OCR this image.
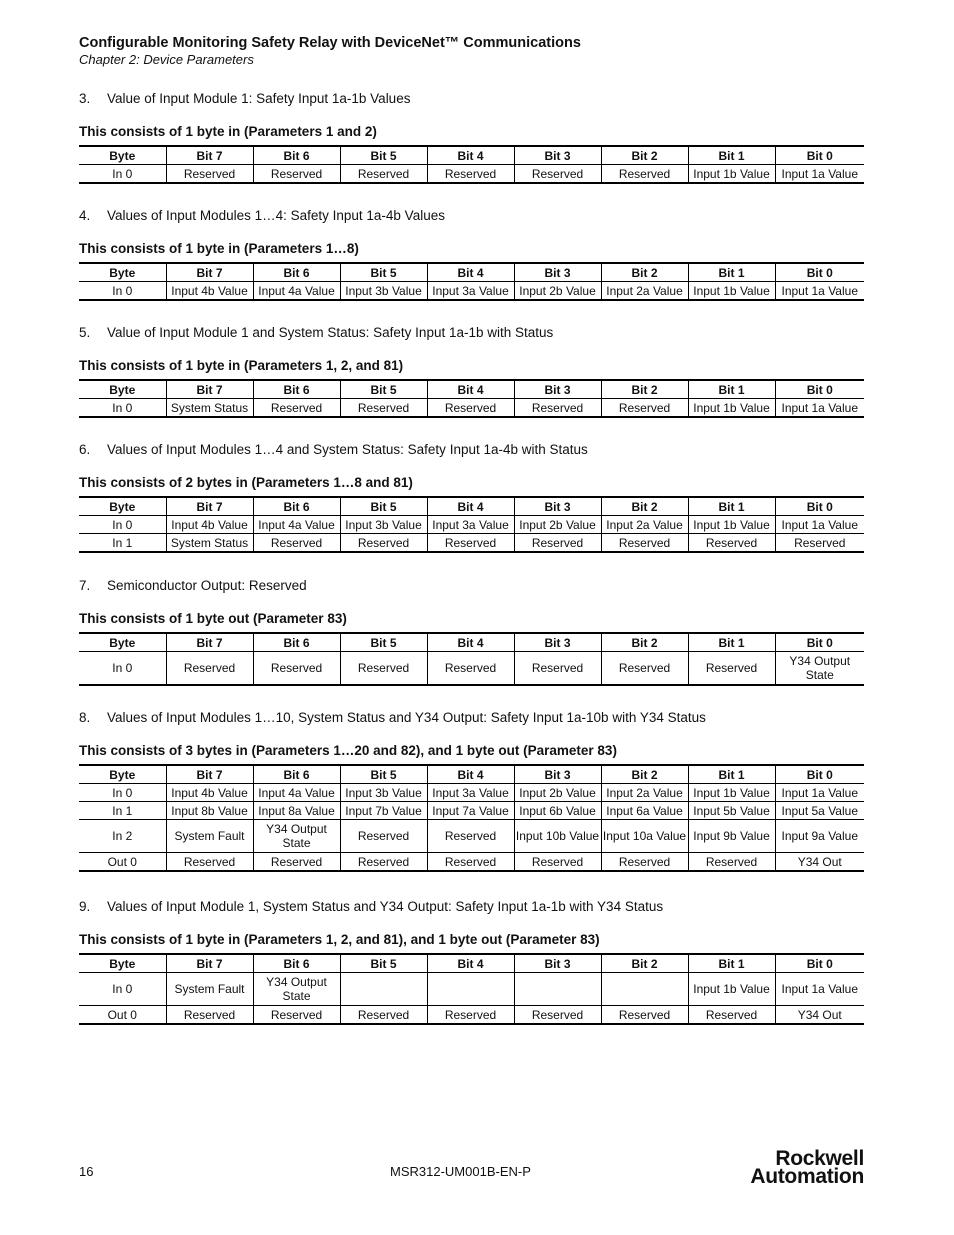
Configurable Monitoring Safety Relay with DeviceNet™ Communications
Chapter 2: Device Parameters
3. Value of Input Module 1: Safety Input 1a-1b Values
This consists of 1 byte in (Parameters 1 and 2)
Byte	Bit 7	Bit 6	Bit 5	Bit 4	Bit 3	Bit 2	Bit 1	Bit 0
In 0	Reserved	Reserved	Reserved	Reserved	Reserved	Reserved	Input 1b Value	Input 1a Value
4. Values of Input Modules 1…4: Safety Input 1a-4b Values
This consists of 1 byte in (Parameters 1…8)
Byte	Bit 7	Bit 6	Bit 5	Bit 4	Bit 3	Bit 2	Bit 1	Bit 0
In 0	Input 4b Value	Input 4a Value	Input 3b Value	Input 3a Value	Input 2b Value	Input 2a Value	Input 1b Value	Input 1a Value
5. Value of Input Module 1 and System Status: Safety Input 1a-1b with Status
This consists of 1 byte in (Parameters 1, 2, and 81)
Byte	Bit 7	Bit 6	Bit 5	Bit 4	Bit 3	Bit 2	Bit 1	Bit 0
In 0	System Status	Reserved	Reserved	Reserved	Reserved	Reserved	Input 1b Value	Input 1a Value
6. Values of Input Modules 1…4 and System Status: Safety Input 1a-4b with Status
This consists of 2 bytes in (Parameters 1…8 and 81)
Byte	Bit 7	Bit 6	Bit 5	Bit 4	Bit 3	Bit 2	Bit 1	Bit 0
In 0	Input 4b Value	Input 4a Value	Input 3b Value	Input 3a Value	Input 2b Value	Input 2a Value	Input 1b Value	Input 1a Value
In 1	System Status	Reserved	Reserved	Reserved	Reserved	Reserved	Reserved	Reserved
7. Semiconductor Output: Reserved
This consists of 1 byte out (Parameter 83)
Byte	Bit 7	Bit 6	Bit 5	Bit 4	Bit 3	Bit 2	Bit 1	Bit 0
In 0	Reserved	Reserved	Reserved	Reserved	Reserved	Reserved	Reserved	Y34 Output State
8. Values of Input Modules 1…10, System Status and Y34 Output: Safety Input 1a-10b with Y34 Status
This consists of 3 bytes in (Parameters 1…20 and 82), and 1 byte out (Parameter 83)
Byte	Bit 7	Bit 6	Bit 5	Bit 4	Bit 3	Bit 2	Bit 1	Bit 0
In 0	Input 4b Value	Input 4a Value	Input 3b Value	Input 3a Value	Input 2b Value	Input 2a Value	Input 1b Value	Input 1a Value
In 1	Input 8b Value	Input 8a Value	Input 7b Value	Input 7a Value	Input 6b Value	Input 6a Value	Input 5b Value	Input 5a Value
In 2	System Fault	Y34 Output State	Reserved	Reserved	Input 10b Value	Input 10a Value	Input 9b Value	Input 9a Value
Out 0	Reserved	Reserved	Reserved	Reserved	Reserved	Reserved	Reserved	Y34 Out
9. Values of Input Module 1, System Status and Y34 Output: Safety Input 1a-1b with Y34 Status
This consists of 1 byte in (Parameters 1, 2, and 81), and 1 byte out (Parameter 83)
Byte	Bit 7	Bit 6	Bit 5	Bit 4	Bit 3	Bit 2	Bit 1	Bit 0
In 0	System Fault	Y34 Output State					Input 1b Value	Input 1a Value
Out 0	Reserved	Reserved	Reserved	Reserved	Reserved	Reserved	Reserved	Y34 Out
16	MSR312-UM001B-EN-P
Rockwell
Automation
